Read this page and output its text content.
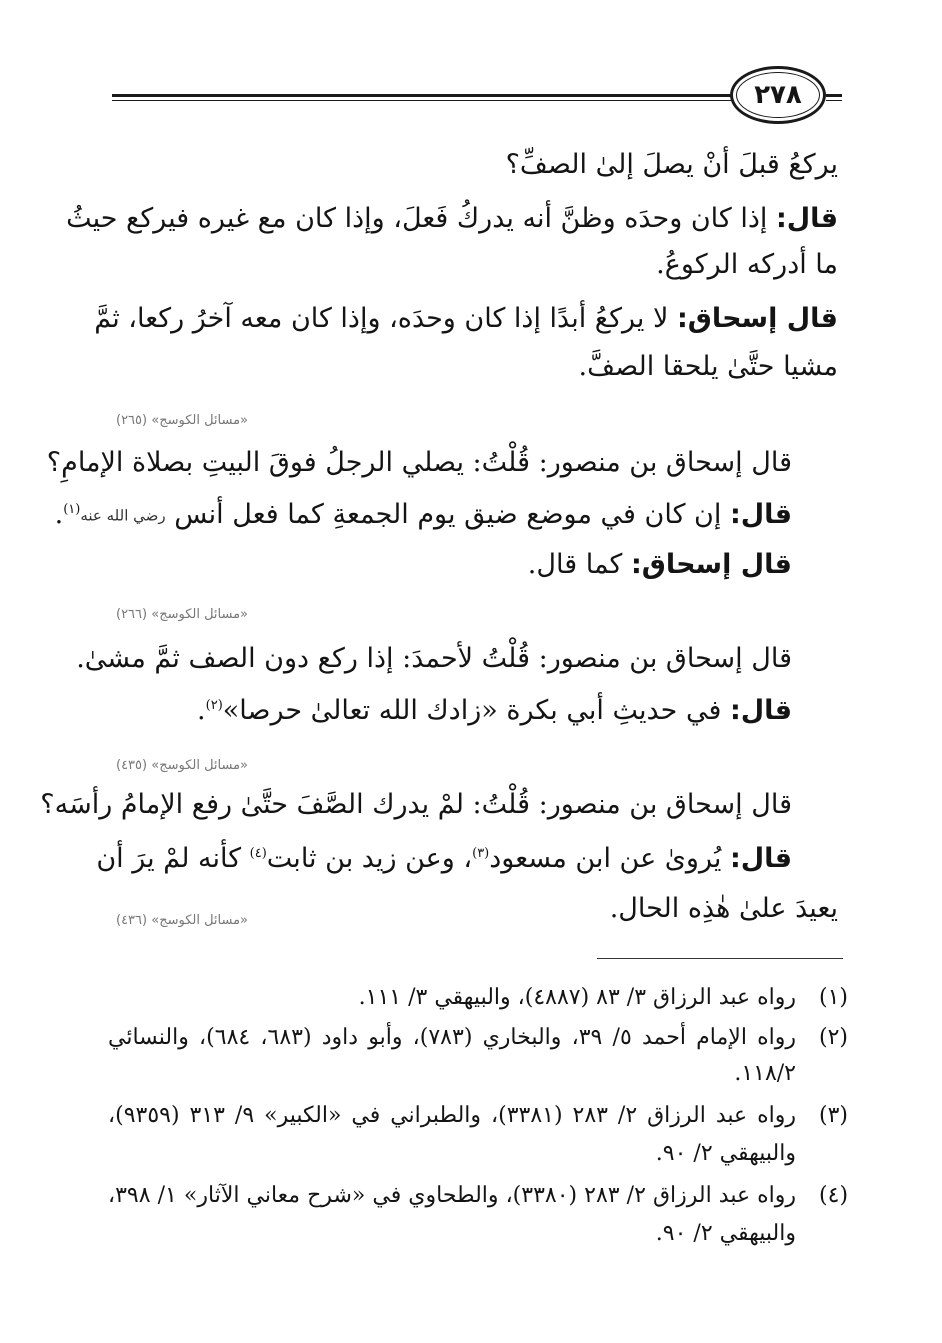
٢٧٨
يركعُ قبلَ أنْ يصلَ إلىٰ الصفِّ؟
قال: إذا كان وحدَه وظنَّ أنه يدركُ فَعلَ، وإذا كان مع غيره فيركع حيثُ
ما أدركه الركوعُ.
قال إسحاق: لا يركعُ أبدًا إذا كان وحدَه، وإذا كان معه آخرُ ركعا، ثمَّ
مشيا حتَّىٰ يلحقا الصفَّ.
«مسائل الكوسج» (٢٦٥)
قال إسحاق بن منصور: قُلْتُ: يصلي الرجلُ فوقَ البيتِ بصلاة الإمامِ؟
قال: إن كان في موضع ضيق يوم الجمعةِ كما فعل أنس رضي الله عنه$^{(١)}$.
قال إسحاق: كما قال.
«مسائل الكوسج» (٢٦٦)
قال إسحاق بن منصور: قُلْتُ لأحمدَ: إذا ركع دون الصف ثمَّ مشىٰ.
قال: في حديثِ أبي بكرة «زادك الله تعالىٰ حرصا»$^{(٢)}$.
«مسائل الكوسج» (٤٣٥)
قال إسحاق بن منصور: قُلْتُ: لمْ يدرك الصَّفَ حتَّىٰ رفع الإمامُ رأسَه؟
قال: يُروىٰ عن ابن مسعود$^{(٣)}$، وعن زيد بن ثابت$^{(٤)}$ كأنه لمْ يرَ أن
يعيدَ علىٰ هٰذِه الحال.
«مسائل الكوسج» (٤٣٦)
(١)رواه عبد الرزاق ٣/ ٨٣ (٤٨٨٧)، والبيهقي ٣/ ١١١.
(٢)رواه الإمام أحمد ٥/ ٣٩، والبخاري (٧٨٣)، وأبو داود (٦٨٣، ٦٨٤)، والنسائي
١١٨/٢.
(٣)رواه عبد الرزاق ٢/ ٢٨٣ (٣٣٨١)، والطبراني في «الكبير» ٩/ ٣١٣ (٩٣٥٩)،
والبيهقي ٢/ ٩٠.
(٤)رواه عبد الرزاق ٢/ ٢٨٣ (٣٣٨٠)، والطحاوي في «شرح معاني الآثار» ١/ ٣٩٨،
والبيهقي ٢/ ٩٠.
